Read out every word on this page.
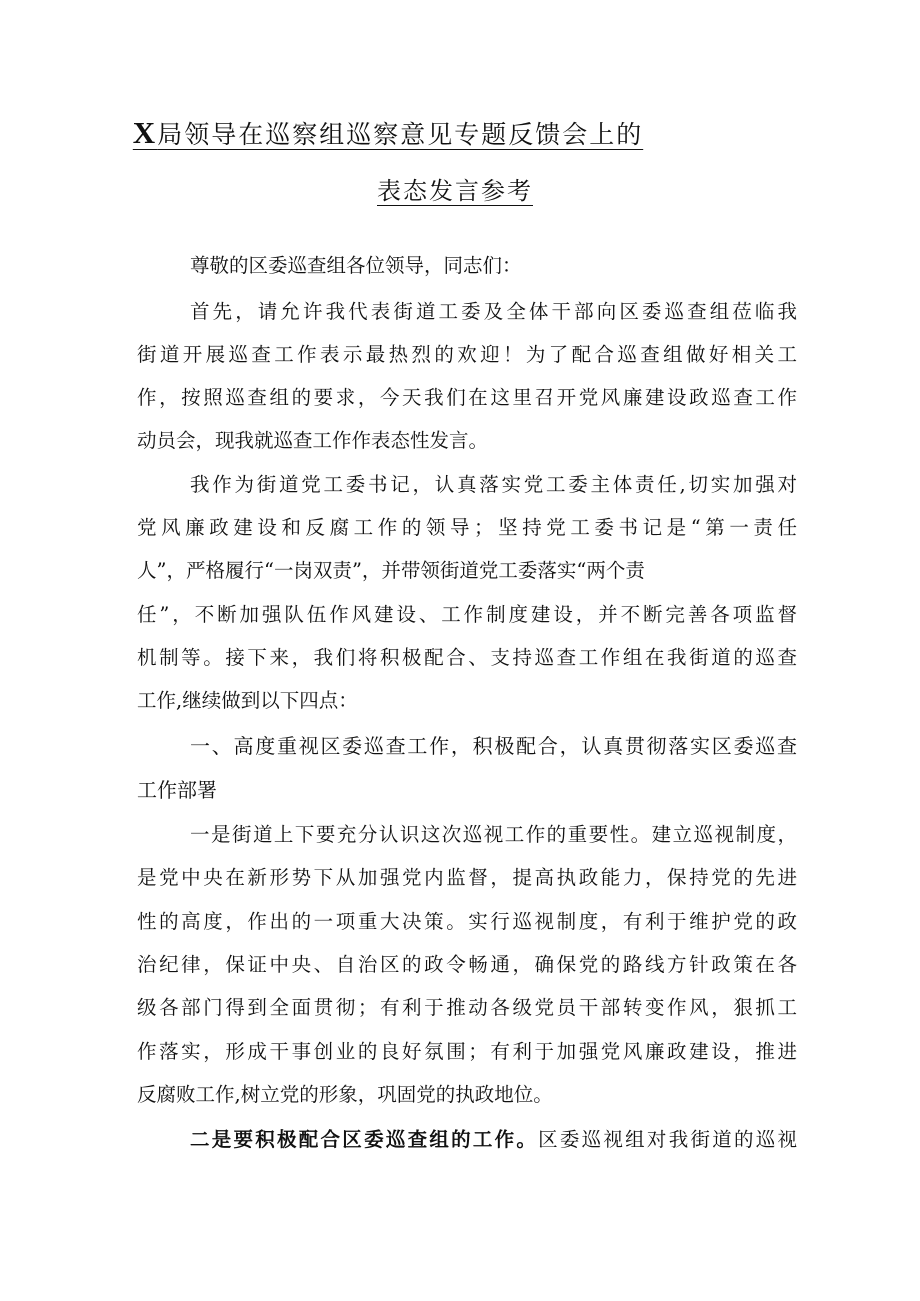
X局领导在巡察组巡察意见专题反馈会上的
表态发言参考

尊敬的区委巡查组各位领导，同志们：

首先，请允许我代表街道工委及全体干部向区委巡查组莅临我

街道开展巡查工作表示最热烈的欢迎！为了配合巡查组做好相关工

作，按照巡查组的要求，今天我们在这里召开党风廉建设政巡查工作

动员会，现我就巡查工作作表态性发言。

我作为街道党工委书记，认真落实党工委主体责任,切实加强对

党风廉政建设和反腐工作的领导；坚持党工委书记是“第一责任

人”，严格履行“一岗双责”，并带领街道党工委落实“两个责

任”，不断加强队伍作风建设、工作制度建设，并不断完善各项监督

机制等。接下来，我们将积极配合、支持巡查工作组在我街道的巡查

工作,继续做到以下四点：

一、高度重视区委巡查工作，积极配合，认真贯彻落实区委巡查

工作部署

一是街道上下要充分认识这次巡视工作的重要性。建立巡视制度，

是党中央在新形势下从加强党内监督，提高执政能力，保持党的先进

性的高度，作出的一项重大决策。实行巡视制度，有利于维护党的政

治纪律，保证中央、自治区的政令畅通，确保党的路线方针政策在各

级各部门得到全面贯彻；有利于推动各级党员干部转变作风，狠抓工

作落实，形成干事创业的良好氛围；有利于加强党风廉政建设，推进

反腐败工作,树立党的形象，巩固党的执政地位。

二是要积极配合区委巡查组的工作。区委巡视组对我街道的巡视
